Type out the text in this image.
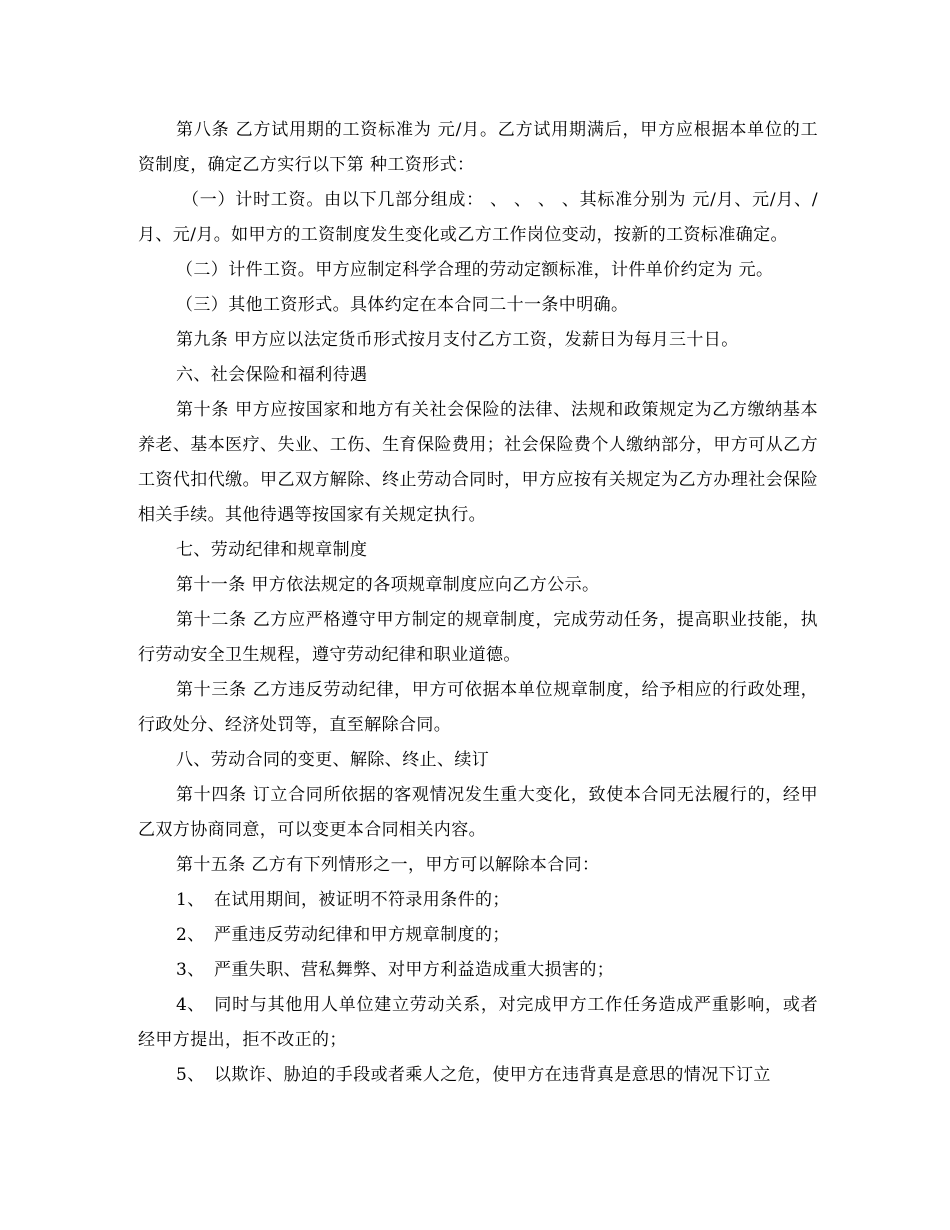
第八条 乙方试用期的工资标准为 元/月。乙方试用期满后，甲方应根据本单位的工资制度，确定乙方实行以下第 种工资形式：

（一）计时工资。由以下几部分组成： 、 、 、 、其标准分别为 元/月、元/月、/月、元/月。如甲方的工资制度发生变化或乙方工作岗位变动，按新的工资标准确定。

（二）计件工资。甲方应制定科学合理的劳动定额标准，计件单价约定为 元。

（三）其他工资形式。具体约定在本合同二十一条中明确。

第九条 甲方应以法定货币形式按月支付乙方工资，发薪日为每月三十日。

六、社会保险和福利待遇

第十条 甲方应按国家和地方有关社会保险的法律、法规和政策规定为乙方缴纳基本养老、基本医疗、失业、工伤、生育保险费用；社会保险费个人缴纳部分，甲方可从乙方工资代扣代缴。甲乙双方解除、终止劳动合同时，甲方应按有关规定为乙方办理社会保险相关手续。其他待遇等按国家有关规定执行。

七、劳动纪律和规章制度

第十一条 甲方依法规定的各项规章制度应向乙方公示。

第十二条 乙方应严格遵守甲方制定的规章制度，完成劳动任务，提高职业技能，执行劳动安全卫生规程，遵守劳动纪律和职业道德。

第十三条 乙方违反劳动纪律，甲方可依据本单位规章制度，给予相应的行政处理，行政处分、经济处罚等，直至解除合同。

八、劳动合同的变更、解除、终止、续订

第十四条 订立合同所依据的客观情况发生重大变化，致使本合同无法履行的，经甲乙双方协商同意，可以变更本合同相关内容。

第十五条 乙方有下列情形之一，甲方可以解除本合同：

1、 在试用期间，被证明不符录用条件的；

2、 严重违反劳动纪律和甲方规章制度的；

3、 严重失职、营私舞弊、对甲方利益造成重大损害的；

4、 同时与其他用人单位建立劳动关系，对完成甲方工作任务造成严重影响，或者经甲方提出，拒不改正的；

5、 以欺诈、胁迫的手段或者乘人之危，使甲方在违背真是意思的情况下订立
